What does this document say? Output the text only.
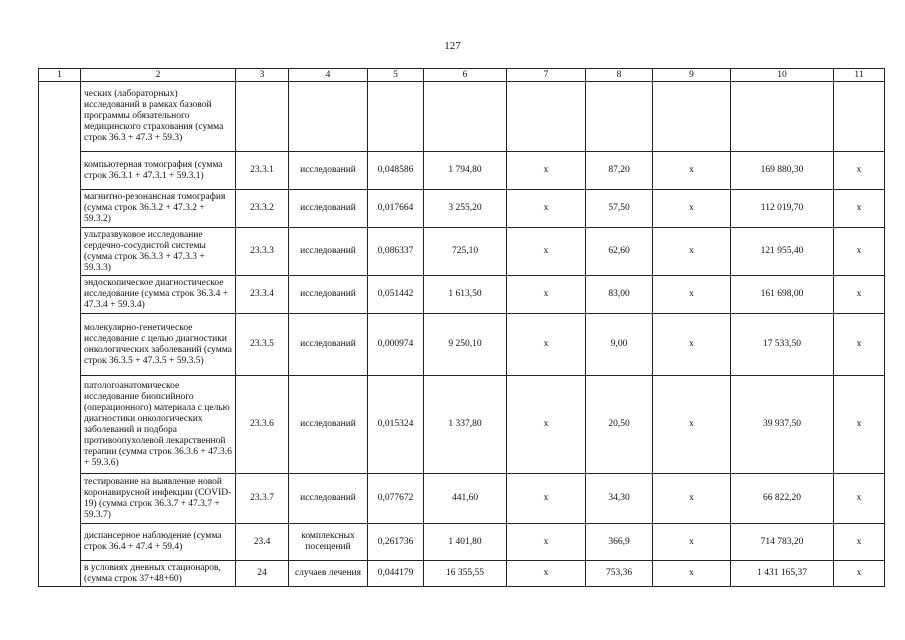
127
1	2	3	4	5	6	7	8	9	10	11
	ческих (лабораторных) исследований в рамках базовой программы обязательного медицинского страхования (сумма строк 36.3 + 47.3 + 59.3)									
	компьютерная томография (сумма строк 36.3.1 + 47.3.1 + 59.3.1)	23.3.1	исследований	0,048586	1 794,80	х	87,20	х	169 880,30	х
	магнитно-резонансная томография (сумма строк 36.3.2 + 47.3.2 + 59.3.2)	23.3.2	исследований	0,017664	3 255,20	х	57,50	х	112 019,70	х
	ультразвуковое исследование сердечно-сосудистой системы (сумма строк 36.3.3 + 47.3.3 + 59.3.3)	23.3.3	исследований	0,086337	725,10	х	62,60	х	121 955,40	х
	эндоскопическое диагностическое исследование (сумма строк 36.3.4 + 47.3.4 + 59.3.4)	23.3.4	исследований	0,051442	1 613,50	х	83,00	х	161 698,00	х
	молекулярно-генетическое исследование с целью диагностики онкологических заболеваний (сумма строк 36.3.5 + 47.3.5 + 59.3.5)	23.3.5	исследований	0,000974	9 250,10	х	9,00	х	17 533,50	х
	патологоанатомическое исследование биопсийного (операционного) материала с целью диагностики онкологических заболеваний и подбора противоопухолевой лекарственной терапии (сумма строк 36.3.6 + 47.3.6 + 59.3.6)	23.3.6	исследований	0,015324	1 337,80	х	20,50	х	39 937,50	х
	тестирование на выявление новой коронавирусной инфекции (COVID-19) (сумма строк 36.3.7 + 47.3.7 + 59.3.7)	23.3.7	исследований	0,077672	441,60	х	34,30	х	66 822,20	х
	диспансерное наблюдение (сумма строк 36.4 + 47.4 + 59.4)	23.4	комплексных посещений	0,261736	1 401,80	х	366,9	х	714 783,20	х
	в условиях дневных стационаров, (сумма строк 37+48+60)	24	случаев лечения	0,044179	16 355,55	х	753,36	х	1 431 165,37	х
